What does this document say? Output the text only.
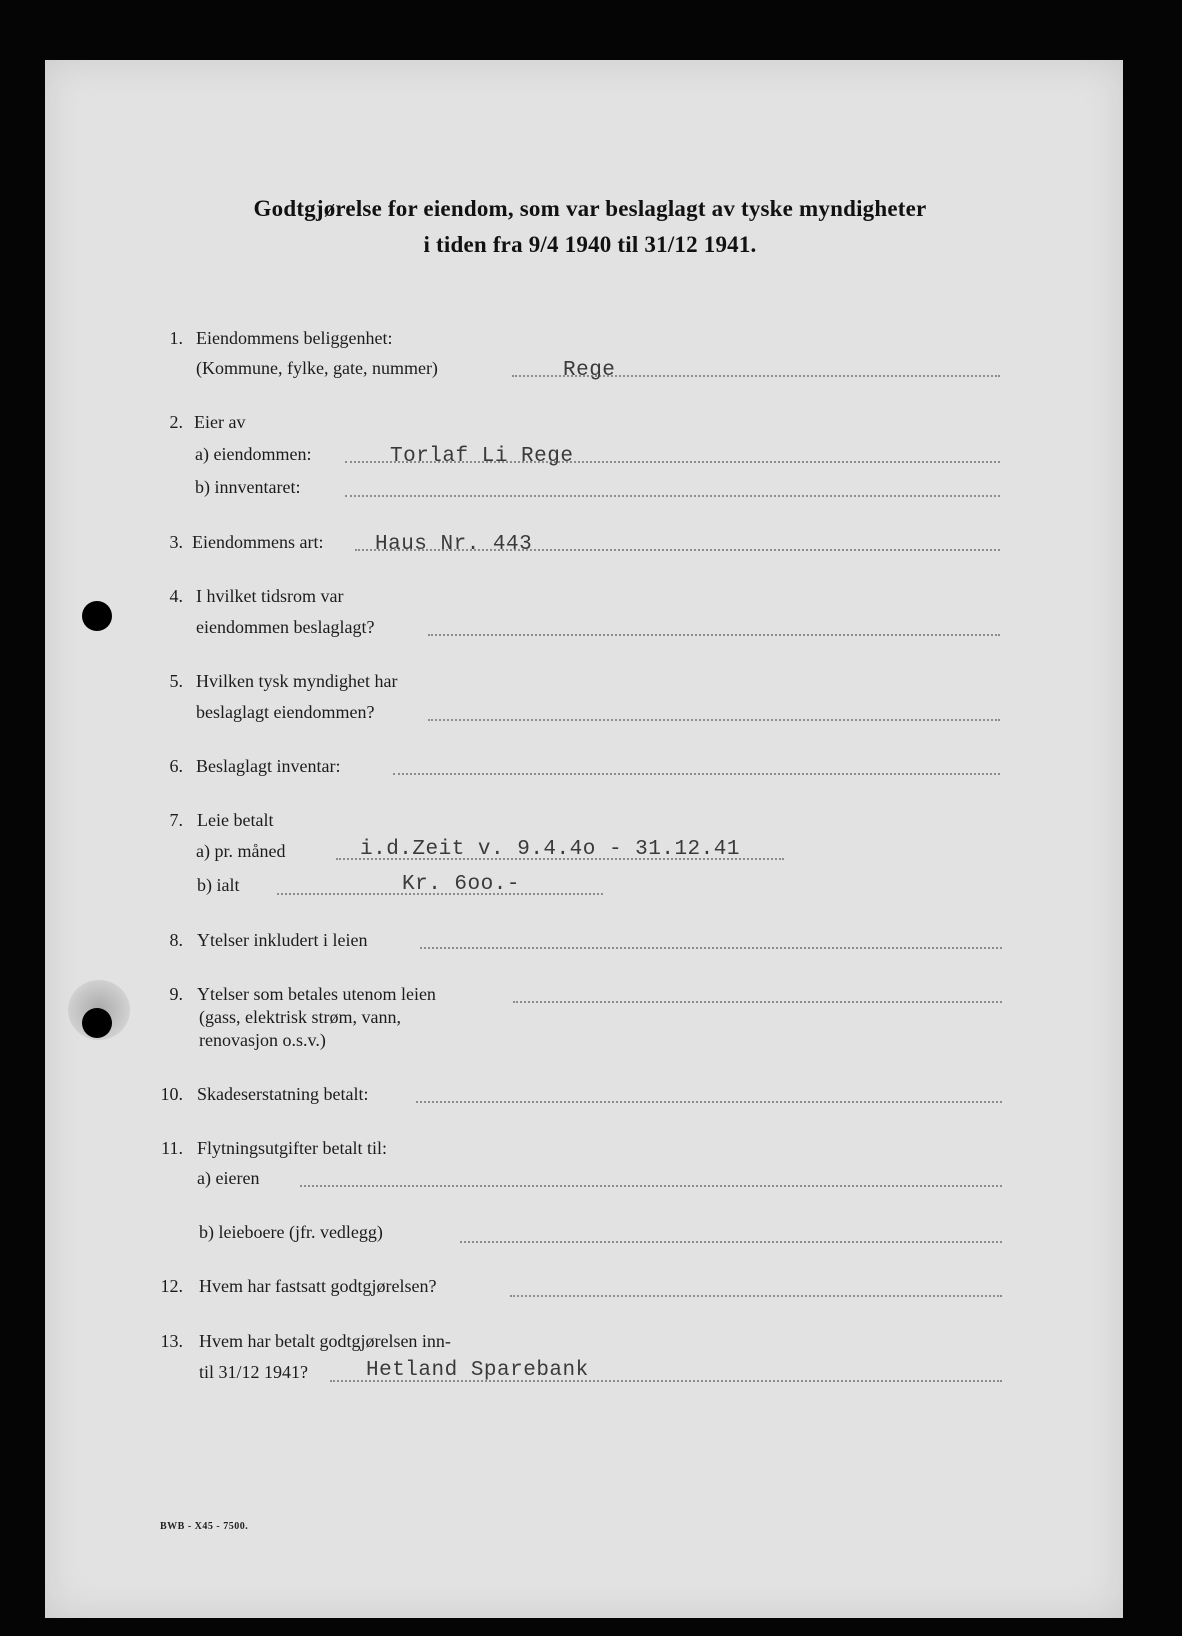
Godtgjørelse for eiendom, som var beslaglagt av tyske myndigheter
i tiden fra 9/4 1940 til 31/12 1941.
1. Eiendommens beliggenhet:
(Kommune, fylke, gate, nummer)	Rege
2. Eier av
a) eiendommen:	Torlaf Li Rege
b) innventaret:
3. Eiendommens art: Haus Nr. 443
4. I hvilket tidsrom var
eiendommen beslaglagt?
5. Hvilken tysk myndighet har
beslaglagt eiendommen?
6. Beslaglagt inventar:
7. Leie betalt
a) pr. måned	i.d.Zeit v. 9.4.4o - 31.12.41
b) ialt	Kr. 6oo.-
8. Ytelser inkludert i leien
9. Ytelser som betales utenom leien
(gass, elektrisk strøm, vann,
renovasjon o.s.v.)
10. Skadeserstatning betalt:
11. Flytningsutgifter betalt til:
a) eieren
b) leieboere (jfr. vedlegg)
12. Hvem har fastsatt godtgjørelsen?
13. Hvem har betalt godtgjørelsen inn-
til 31/12 1941?	Hetland Sparebank
BWB - X45 - 7500.
